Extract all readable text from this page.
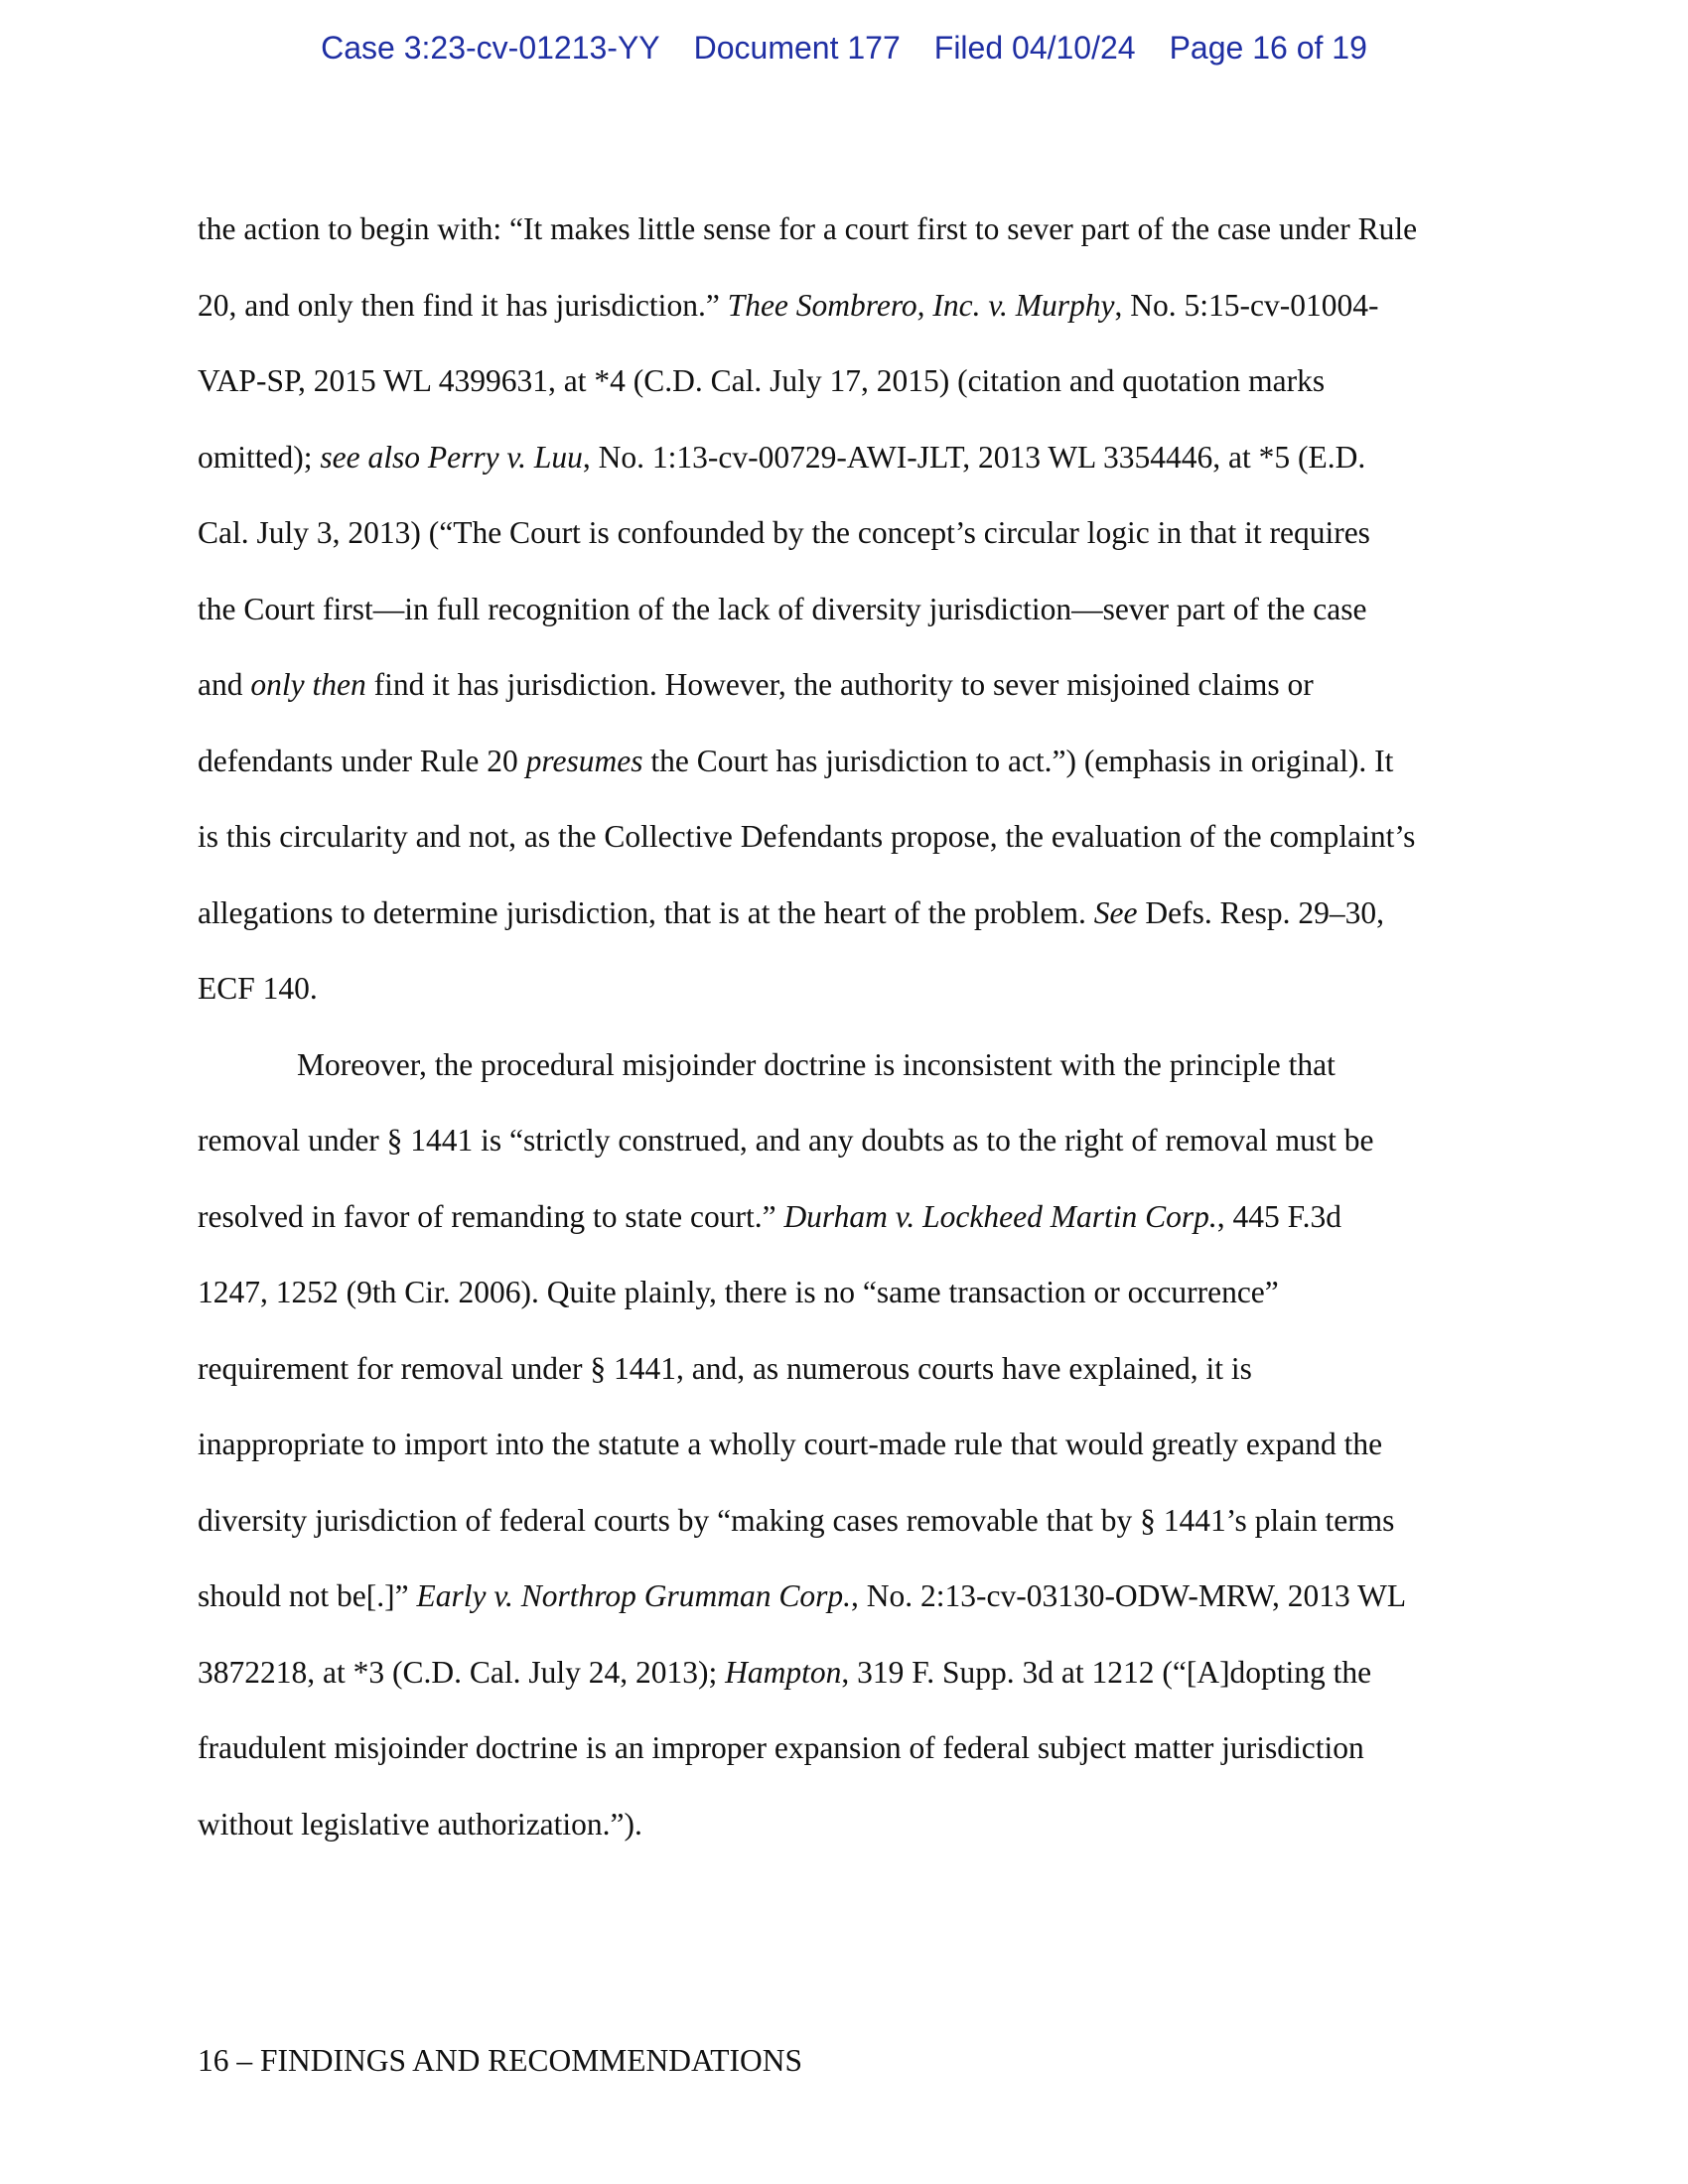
Case 3:23-cv-01213-YY Document 177 Filed 04/10/24 Page 16 of 19
the action to begin with: “It makes little sense for a court first to sever part of the case under Rule
20, and only then find it has jurisdiction.” Thee Sombrero, Inc. v. Murphy, No. 5:15-cv-01004-
VAP-SP, 2015 WL 4399631, at *4 (C.D. Cal. July 17, 2015) (citation and quotation marks
omitted); see also Perry v. Luu, No. 1:13-cv-00729-AWI-JLT, 2013 WL 3354446, at *5 (E.D.
Cal. July 3, 2013) (“The Court is confounded by the concept’s circular logic in that it requires
the Court first—in full recognition of the lack of diversity jurisdiction—sever part of the case
and only then find it has jurisdiction. However, the authority to sever misjoined claims or
defendants under Rule 20 presumes the Court has jurisdiction to act.”) (emphasis in original). It
is this circularity and not, as the Collective Defendants propose, the evaluation of the complaint’s
allegations to determine jurisdiction, that is at the heart of the problem. See Defs. Resp. 29–30,
ECF 140.
Moreover, the procedural misjoinder doctrine is inconsistent with the principle that
removal under § 1441 is “strictly construed, and any doubts as to the right of removal must be
resolved in favor of remanding to state court.” Durham v. Lockheed Martin Corp., 445 F.3d
1247, 1252 (9th Cir. 2006). Quite plainly, there is no “same transaction or occurrence”
requirement for removal under § 1441, and, as numerous courts have explained, it is
inappropriate to import into the statute a wholly court-made rule that would greatly expand the
diversity jurisdiction of federal courts by “making cases removable that by § 1441’s plain terms
should not be[.]” Early v. Northrop Grumman Corp., No. 2:13-cv-03130-ODW-MRW, 2013 WL
3872218, at *3 (C.D. Cal. July 24, 2013); Hampton, 319 F. Supp. 3d at 1212 (“[A]dopting the
fraudulent misjoinder doctrine is an improper expansion of federal subject matter jurisdiction
without legislative authorization.”).
16 – FINDINGS AND RECOMMENDATIONS
